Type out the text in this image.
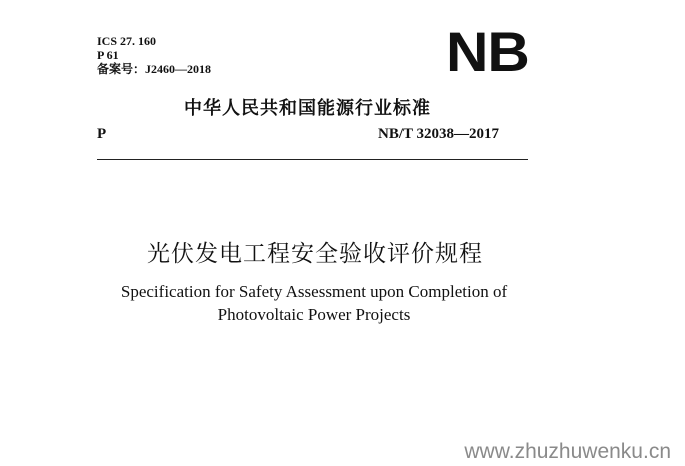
ICS 27. 160
P 61
备案号：J2460—2018	NB
中华人民共和国能源行业标准
P	NB/T 32038—2017
光伏发电工程安全验收评价规程
Specification for Safety Assessment upon Completion of
Photovoltaic Power Projects
www.zhuzhuwenku.cn
